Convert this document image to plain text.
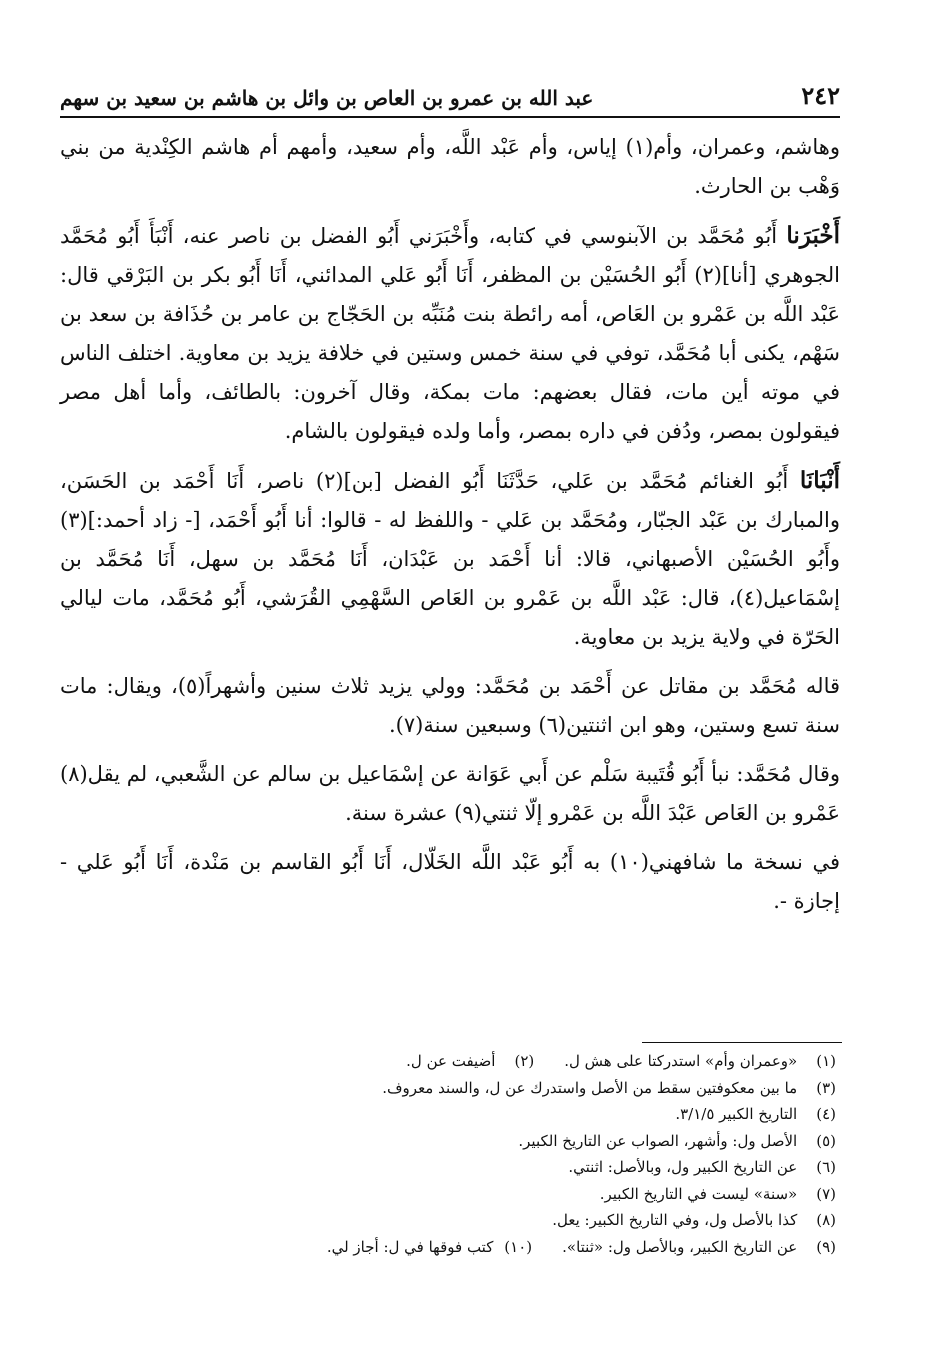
٢٤٢
عبد الله بن عمرو بن العاص بن وائل بن هاشم بن سعيد بن سهم

وهاشم، وعمران، وأم(١) إياس، وأم عَبْد اللَّه، وأم سعيد، وأمهم أم هاشم الكِنْدية من بني وَهْب بن الحارث.

أَخْبَرَنا أَبُو مُحَمَّد بن الآبنوسي في كتابه، وأَخْبَرَني أَبُو الفضل بن ناصر عنه، أَنْبَأَ أَبُو مُحَمَّد الجوهري [أنا](٢) أَبُو الحُسَيْن بن المظفر، أَنَا أَبُو عَلي المدائني، أَنَا أَبُو بكر بن البَرْقي قال: عَبْد اللَّه بن عَمْرو بن العَاص، أمه رائطة بنت مُنَبِّه بن الحَجّاج بن عامر بن حُذَافة بن سعد بن سَهْم، يكنى أبا مُحَمَّد، توفي في سنة خمس وستين في خلافة يزيد بن معاوية. اختلف الناس في موته أين مات، فقال بعضهم: مات بمكة، وقال آخرون: بالطائف، وأما أهل مصر فيقولون بمصر، ودُفن في داره بمصر، وأما ولده فيقولون بالشام.

أَنْبَانَا أَبُو الغنائم مُحَمَّد بن عَلي، حَدَّثَنَا أَبُو الفضل [بن](٢) ناصر، أَنَا أَحْمَد بن الحَسَن، والمبارك بن عَبْد الجبّار، ومُحَمَّد بن عَلي - واللفظ له - قالوا: أنا أَبُو أَحْمَد، [- زاد أحمد:](٣) وأَبُو الحُسَيْن الأصبهاني، قالا: أنا أَحْمَد بن عَبْدَان، أَنَا مُحَمَّد بن سهل، أَنَا مُحَمَّد بن إسْمَاعيل(٤)، قال: عَبْد اللَّه بن عَمْرو بن العَاص السَّهْمِي القُرَشي، أَبُو مُحَمَّد، مات ليالي الحَرّة في ولاية يزيد بن معاوية.

قاله مُحَمَّد بن مقاتل عن أَحْمَد بن مُحَمَّد: وولي يزيد ثلاث سنين وأشهراً(٥)، ويقال: مات سنة تسع وستين، وهو ابن اثنتين(٦) وسبعين سنة(٧).

وقال مُحَمَّد: نبأ أَبُو قُتَيبة سَلْم عن أَبي عَوَانة عن إسْمَاعيل بن سالم عن الشَّعبي، لم يقل(٨) عَمْرو بن العَاص عَبْدَ اللَّه بن عَمْرو إلّا ثنتي(٩) عشرة سنة.

في نسخة ما شافهني(١٠) به أَبُو عَبْد اللَّه الخَلّال، أَنَا أَبُو القاسم بن مَنْدة، أَنَا أَبُو عَلي - إجازة -.

(١) «وعمران وأم» استدركتا على هش ل.
(٢) أضيفت عن ل.
(٣) ما بين معكوفتين سقط من الأصل واستدرك عن ل، والسند معروف.
(٤) التاريخ الكبير ٣/١/٥.
(٥) الأصل ول: وأشهر، الصواب عن التاريخ الكبير.
(٦) عن التاريخ الكبير ول، وبالأصل: اثنتي.
(٧) «سنة» ليست في التاريخ الكبير.
(٨) كذا بالأصل ول، وفي التاريخ الكبير: يعل.
(٩) عن التاريخ الكبير، وبالأصل ول: «ثنتا».
(١٠) كتب فوقها في ل: أجاز لي.
